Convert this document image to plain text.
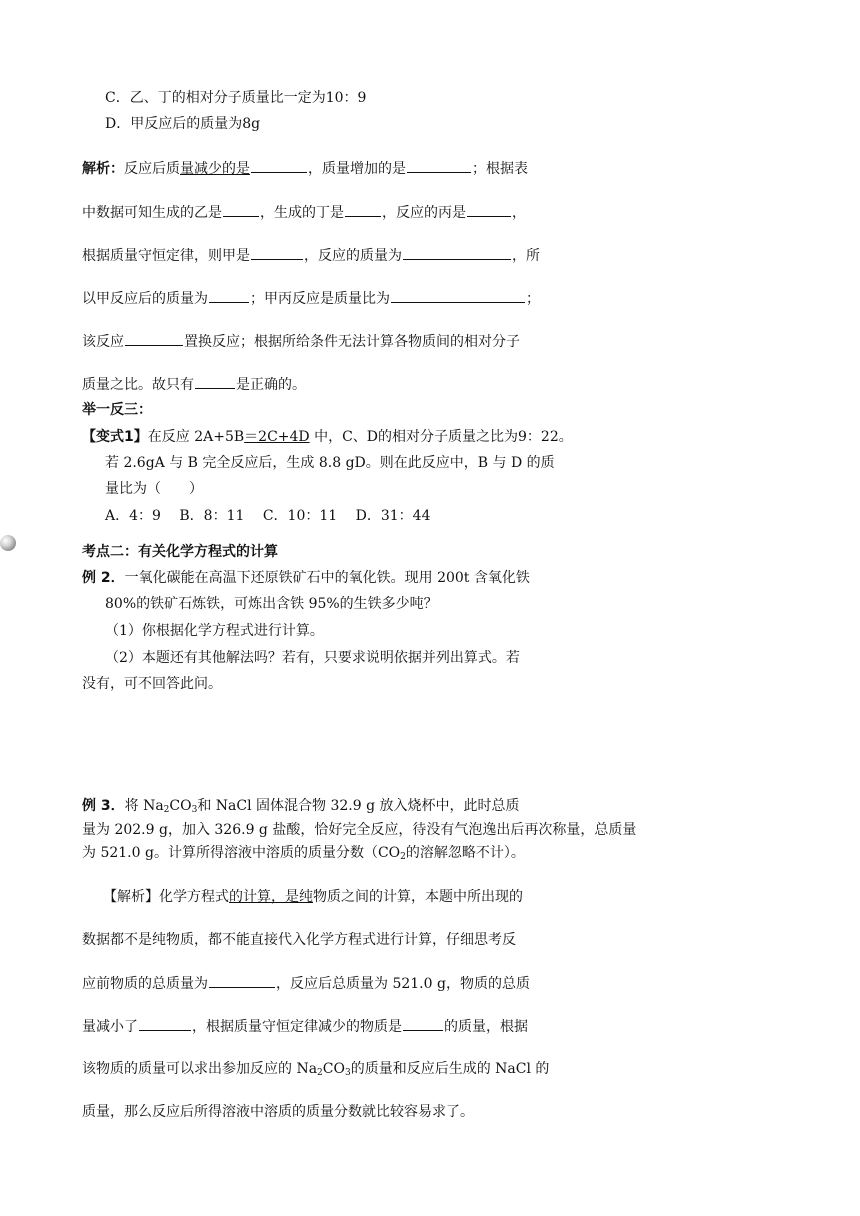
C．乙、丁的相对分子质量比一定为10：9
D．甲反应后的质量为8g
解析：反应后质量减少的是	，质量增加的是	；根据表
中数据可知生成的乙是	，生成的丁是	，反应的丙是	，
根据质量守恒定律，则甲是	，反应的质量为	，所
以甲反应后的质量为	；甲丙反应是质量比为	；
该反应	置换反应；根据所给条件无法计算各物质间的相对分子
质量之比。故只有	是正确的。
举一反三：
【变式1】在反应 2A+5B＝2C+4D 中，C、D的相对分子质量之比为9：22。
若 2.6gA 与 B 完全反应后，生成 8.8 gD。则在此反应中，B 与 D 的质
量比为（　　）
A．4：9　 B．8：11　 C．10：11　 D．31：44
考点二：有关化学方程式的计算
例 2．一氧化碳能在高温下还原铁矿石中的氧化铁。现用 200t 含氧化铁
80%的铁矿石炼铁，可炼出含铁 95%的生铁多少吨？
（1）你根据化学方程式进行计算。
（2）本题还有其他解法吗？若有，只要求说明依据并列出算式。若
没有，可不回答此问。
例 3．将 $Na_2CO_3$和 NaCl 固体混合物 32.9 g 放入烧杯中，此时总质
量为 202.9 g，加入 326.9 g 盐酸，恰好完全反应，待没有气泡逸出后再次称量，总质量
为 521.0 g。计算所得溶液中溶质的质量分数（$CO_2$的溶解忽略不计）。
【解析】化学方程式的计算，是纯物质之间的计算，本题中所出现的
数据都不是纯物质，都不能直接代入化学方程式进行计算，仔细思考反
应前物质的总质量为	，反应后总质量为 521.0 g，物质的总质
量减小了	，根据质量守恒定律减少的物质是	的质量，根据
该物质的质量可以求出参加反应的 $Na_2CO_3$的质量和反应后生成的 NaCl 的
质量，那么反应后所得溶液中溶质的质量分数就比较容易求了。
